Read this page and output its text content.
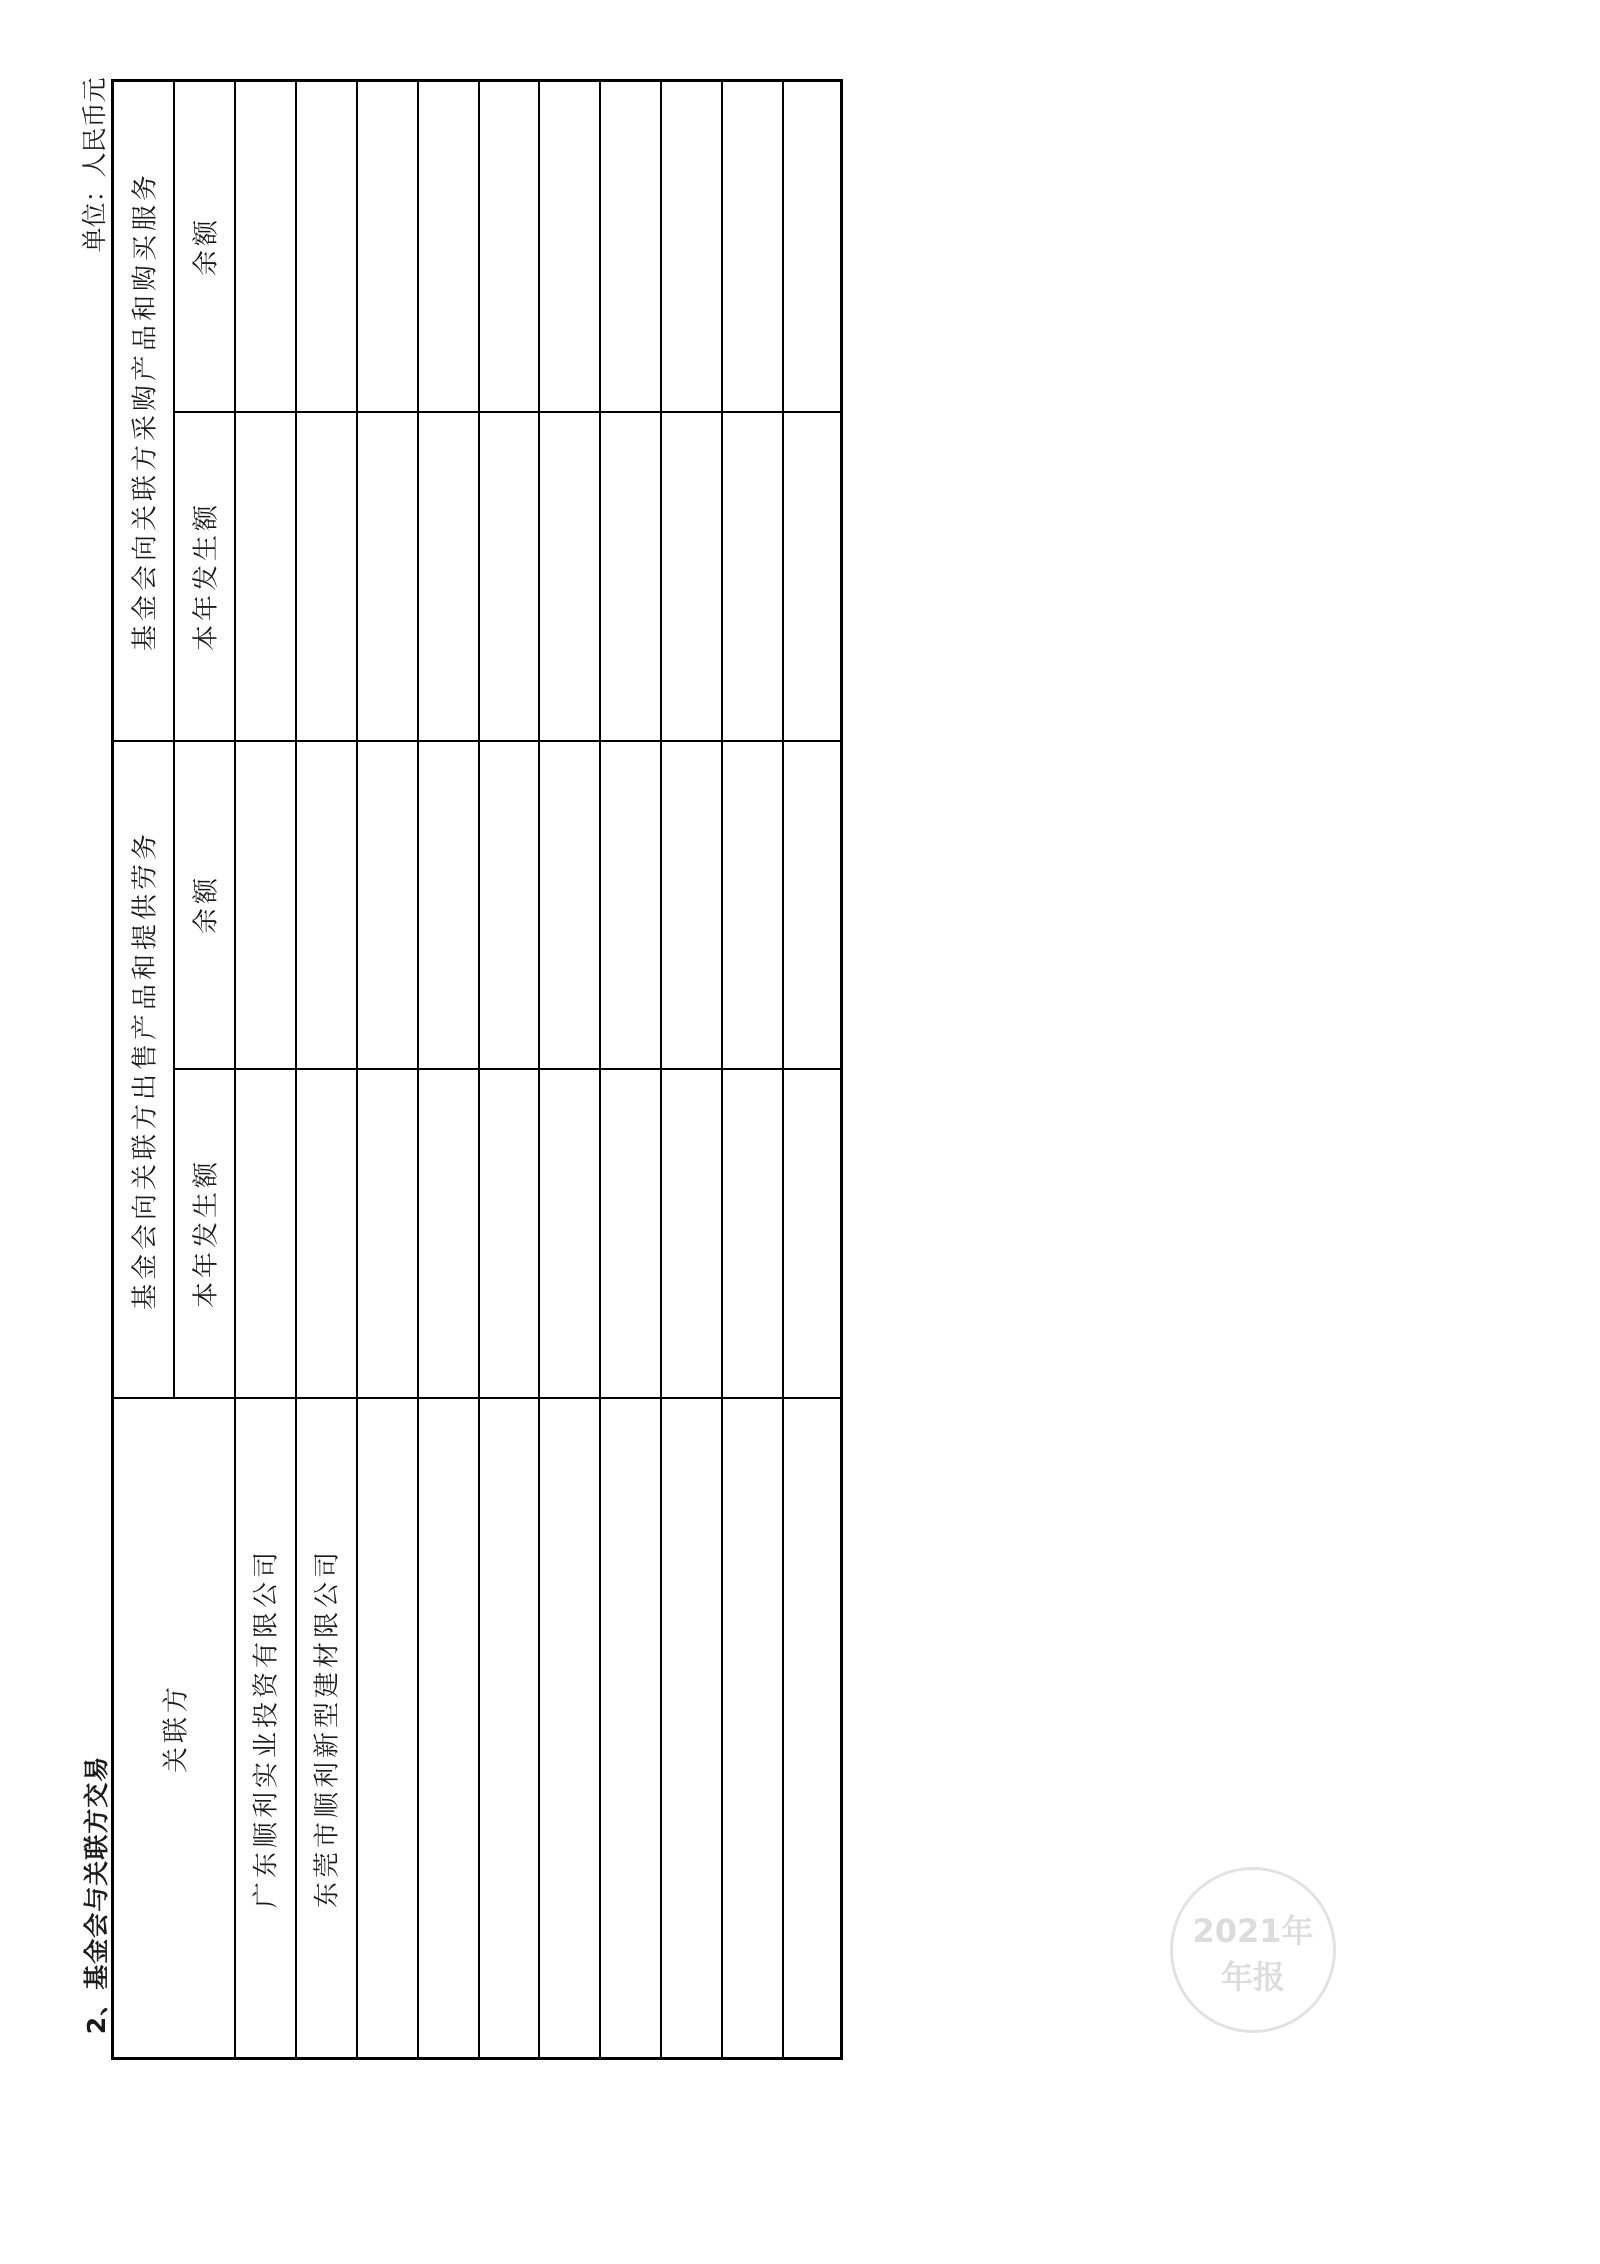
2、基金会与关联方交易
单位：人民币元
关联方
基金会向关联方出售产品和提供劳务
基金会向关联方采购产品和购买服务
本年发生额
余额
本年发生额
余额
广东顺利实业投资有限公司 东莞市顺利新型建材限公司
2021年
年报
